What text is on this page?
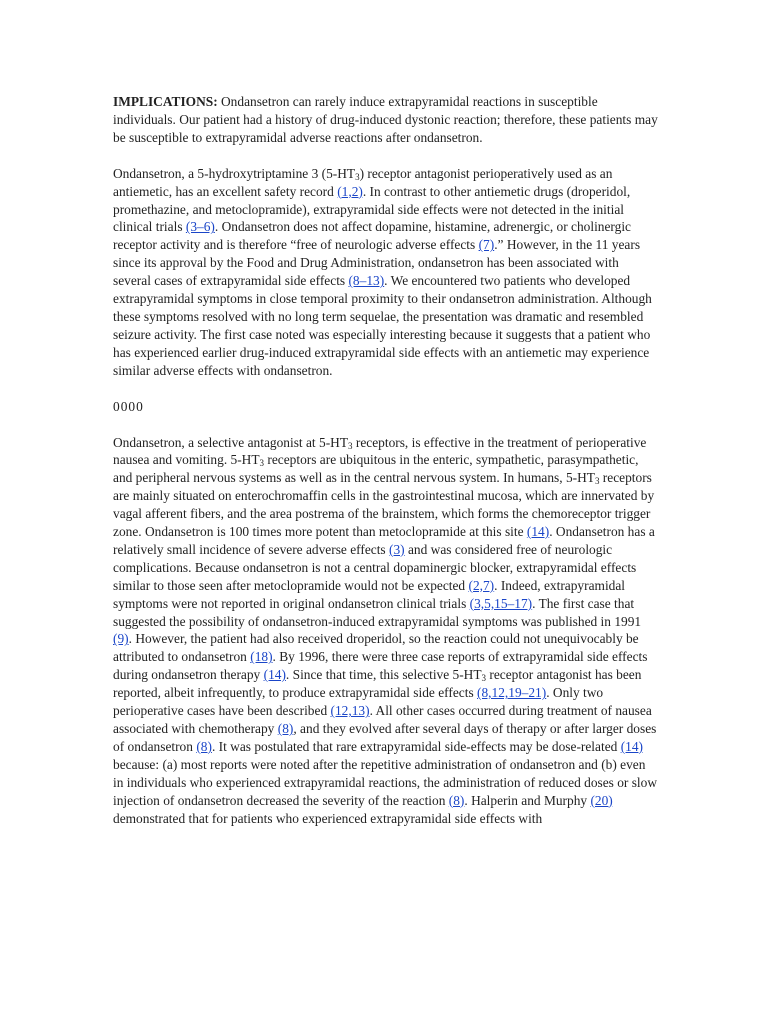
IMPLICATIONS: Ondansetron can rarely induce extrapyramidal reactions in susceptible individuals. Our patient had a history of drug-induced dystonic reaction; therefore, these patients may be susceptible to extrapyramidal adverse reactions after ondansetron.

Ondansetron, a 5-hydroxytriptamine 3 $(5-HT_3)$ receptor antagonist perioperatively used as an antiemetic, has an excellent safety record (1,2). In contrast to other antiemetic drugs (droperidol, promethazine, and metoclopramide), extrapyramidal side effects were not detected in the initial clinical trials (3–6). Ondansetron does not affect dopamine, histamine, adrenergic, or cholinergic receptor activity and is therefore “free of neurologic adverse effects (7).” However, in the 11 years since its approval by the Food and Drug Administration, ondansetron has been associated with several cases of extrapyramidal side effects (8–13). We encountered two patients who developed extrapyramidal symptoms in close temporal proximity to their ondansetron administration. Although these symptoms resolved with no long term sequelae, the presentation was dramatic and resembled seizure activity. The first case noted was especially interesting because it suggests that a patient who has experienced earlier drug-induced extrapyramidal side effects with an antiemetic may experience similar adverse effects with ondansetron.

0000

Ondansetron, a selective antagonist at $5-HT_3$ receptors, is effective in the treatment of perioperative nausea and vomiting. $5-HT_3$ receptors are ubiquitous in the enteric, sympathetic, parasympathetic, and peripheral nervous systems as well as in the central nervous system. In humans, $5-HT_3$ receptors are mainly situated on enterochromaffin cells in the gastrointestinal mucosa, which are innervated by vagal afferent fibers, and the area postrema of the brainstem, which forms the chemoreceptor trigger zone. Ondansetron is 100 times more potent than metoclopramide at this site (14). Ondansetron has a relatively small incidence of severe adverse effects (3) and was considered free of neurologic complications. Because ondansetron is not a central dopaminergic blocker, extrapyramidal effects similar to those seen after metoclopramide would not be expected (2,7). Indeed, extrapyramidal symptoms were not reported in original ondansetron clinical trials (3,5,15–17). The first case that suggested the possibility of ondansetron-induced extrapyramidal symptoms was published in 1991 (9). However, the patient had also received droperidol, so the reaction could not unequivocably be attributed to ondansetron (18). By 1996, there were three case reports of extrapyramidal side effects during ondansetron therapy (14). Since that time, this selective $5-HT_3$ receptor antagonist has been reported, albeit infrequently, to produce extrapyramidal side effects (8,12,19–21). Only two perioperative cases have been described (12,13). All other cases occurred during treatment of nausea associated with chemotherapy (8), and they evolved after several days of therapy or after larger doses of ondansetron (8). It was postulated that rare extrapyramidal side-effects may be dose-related (14) because: (a) most reports were noted after the repetitive administration of ondansetron and (b) even in individuals who experienced extrapyramidal reactions, the administration of reduced doses or slow injection of ondansetron decreased the severity of the reaction (8). Halperin and Murphy (20) demonstrated that for patients who experienced extrapyramidal side effects with
